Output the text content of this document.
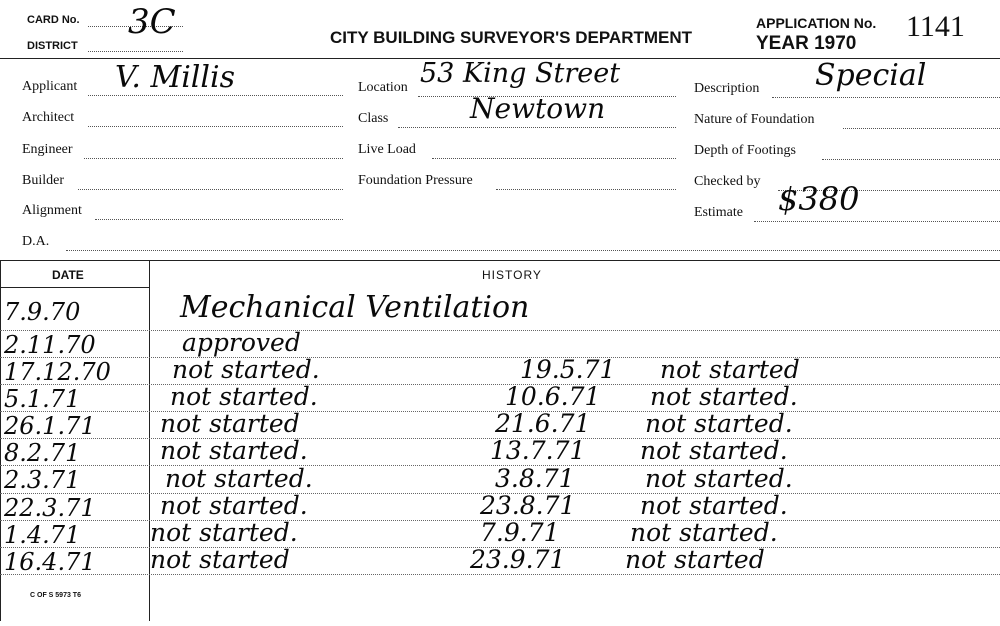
CARD No. 3C
DISTRICT	CITY BUILDING SURVEYOR'S DEPARTMENT
APPLICATION No. 1141
YEAR 1970
Applicant V. Millis
Architect
Engineer
Builder
Alignment
D.A.
Location 53 King Street
Class	Newtown
Live Load
Foundation Pressure
Description Special
Nature of Foundation
Depth of Footings
Checked by
Estimate $380
DATE	HISTORY
7.9.70	Mechanical Ventilation
2.11.70	approved
17.12.70	not started.	19.5.71 not started
5.1.71	not started.	10.6.71 not started.
26.1.71	not started	21.6.71 not started.
8.2.71	not started.	13.7.71 not started.
2.3.71	not started.	3.8.71	not started.
22.3.71	not started.	23.8.71	not started.
1.4.71	not started.	7.9.71	not started.
16.4.71	not started	23.9.71 not started
C OF S 5973 T6
